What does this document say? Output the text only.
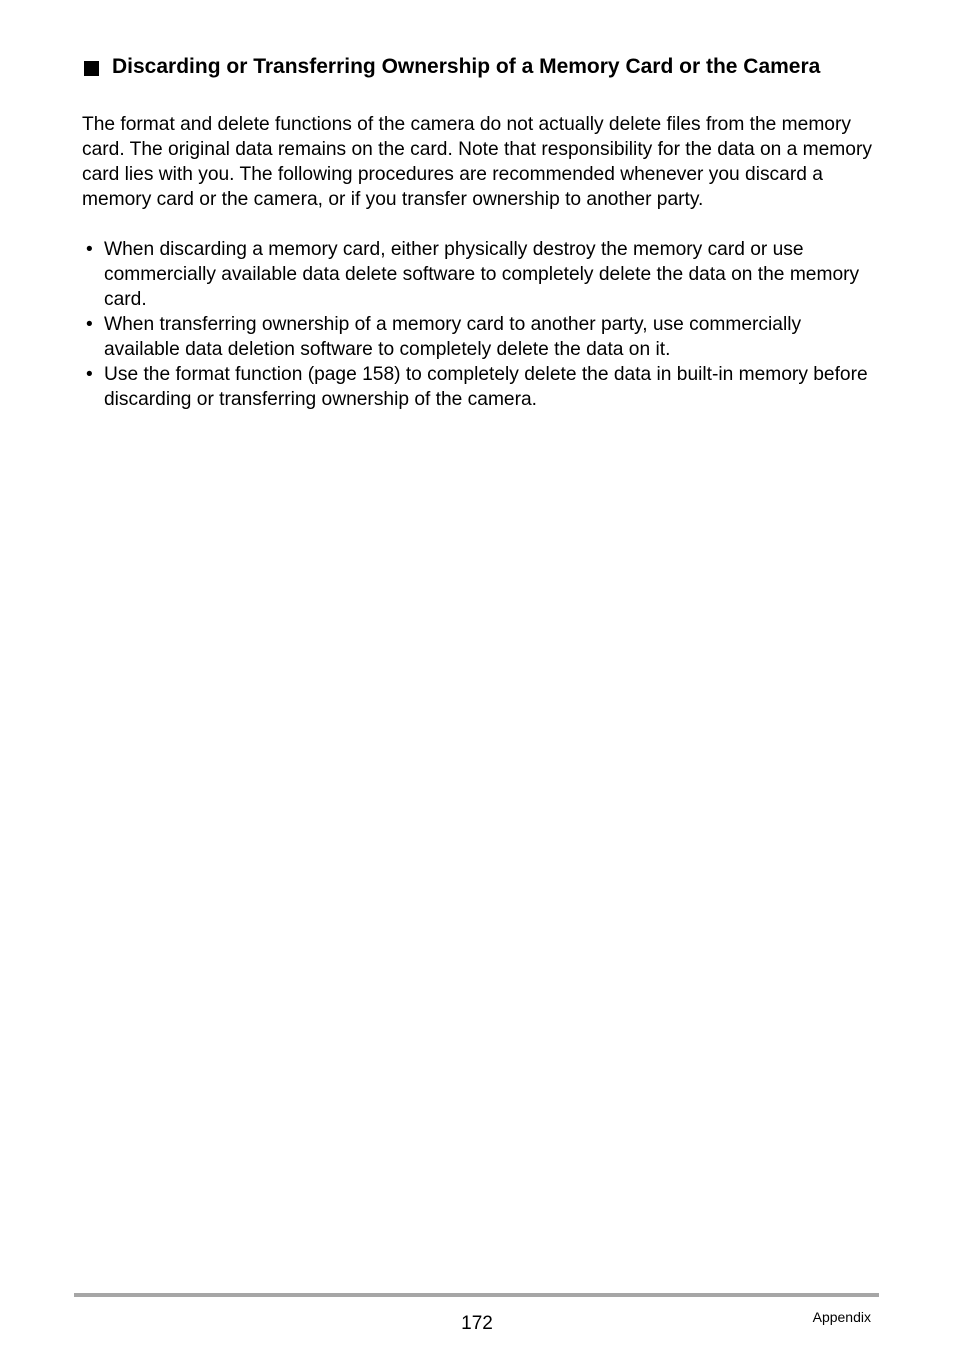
Discarding or Transferring Ownership of a Memory Card or the Camera

The format and delete functions of the camera do not actually delete files from the memory card. The original data remains on the card. Note that responsibility for the data on a memory card lies with you. The following procedures are recommended whenever you discard a memory card or the camera, or if you transfer ownership to another party.

• When discarding a memory card, either physically destroy the memory card or use commercially available data delete software to completely delete the data on the memory card.
• When transferring ownership of a memory card to another party, use commercially available data deletion software to completely delete the data on it.
• Use the format function (page 158) to completely delete the data in built-in memory before discarding or transferring ownership of the camera.
172	Appendix
